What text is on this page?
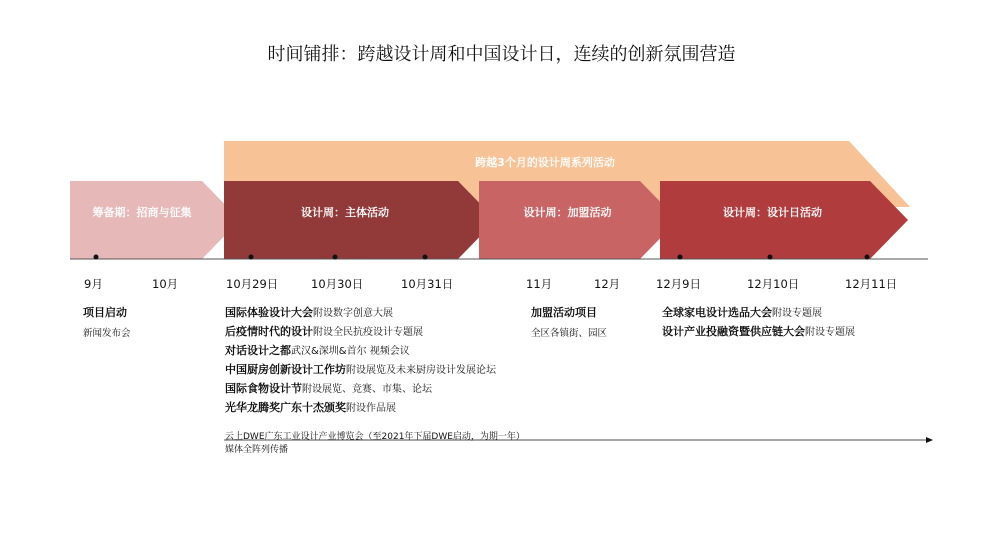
时间铺排：跨越设计周和中国设计日，连续的创新氛围营造
跨越3个月的设计周系列活动
筹备期：招商与征集	设计周：主体活动	设计周：加盟活动	设计周：设计日活动
9月	10月	10月29日	10月30日	10月31日	11月	12月	12月9日	12月10日	12月11日
项目启动
新闻发布会
国际体验设计大会附设数字创意大展
后疫情时代的设计附设全民抗疫设计专题展
对话设计之都武汉&深圳&首尔 视频会议
中国厨房创新设计工作坊附设展览及未来厨房设计发展论坛
国际食物设计节附设展览、竞赛、市集、论坛
光华龙腾奖广东十杰颁奖附设作品展
加盟活动项目
全区各镇街、园区
全球家电设计选品大会附设专题展
设计产业投融资暨供应链大会附设专题展
云上DWE广东工业设计产业博览会（至2021年下届DWE启动，为期一年）
媒体全阵列传播
